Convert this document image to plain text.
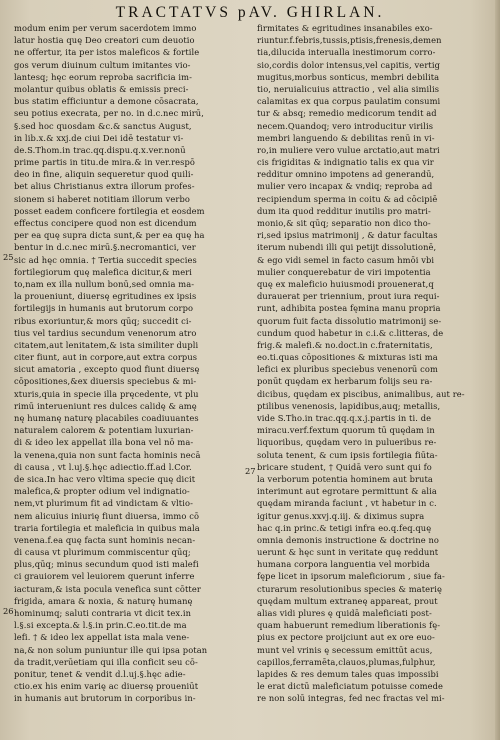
TRACTATVS pAV. GHIRLAN.
modum enim per verum sacerdotem immo
latur hostia quę Deo creatori cum deuotio
ne offertur, ita per istos maleficos & fortile
gos verum diuinum cultum imitantes vio-
lantesq; hęc eorum reproba sacrificia im-
molantur quibus oblatis & emissis preci-
bus statim efficiuntur a demone cōsacrata,
seu potius execrata, per no. in d.c.nec mirū,
§.sed hoc quosdam &c.& sanctus August,
in lib.x.& xxj.de ciui Dei idē testatur vi-
de.S.Thom.in trac.qq.dispu.q.x.ver.nonū
prime partis in titu.de mira.& in ver.respō
deo in fine, aliquin sequeretur quod quili-
bet alius Christianus extra illorum profes-
sionem si haberet notitiam illorum verbo
posset eadem conficere fortilegia et eosdem
effectus concipere quod non est dicendum
per ea quę supra dicta sunt,& per ea quę ha
bentur in d.c.nec mirū.§.necromantici, ver
sic ad hęc omnia. † Tertia succedit species
fortilegiorum quę malefica dicitur,& meri
to,nam ex illa nullum bonū,sed omnia ma-
la proueniunt, diuersę egritudines ex ipsis
fortilegijs in humanis aut brutorum corpo
ribus exoriuntur,& mors qūq; succedit ci-
tius vel tardius secundum venenorum atro
citatem,aut lenitatem,& ista similiter dupli
citer fiunt, aut in corpore,aut extra corpus
sicut amatoria , excepto quod fiunt diuersę
cōpositiones,&ex diuersis speciebus & mi-
xturis,quia in specie illa pręcedente, vt plu
rimū interueniunt res dulces calidę & amę
nę humanę naturę placabiles coadiuuantes
naturalem calorem & potentiam luxurian-
di & ideo lex appellat illa bona vel nō ma-
la venena,quia non sunt facta hominis necā
di causa , vt l.uj.§.hęc adiectio.ff.ad l.Cor.
de sica.In hac vero vltima specie quę dicit
malefica,& propter odium vel indignatio-
nem,vt plurimum fit ad vindictam & vltio-
nem alicuius iniurię fiunt diuersa, immo cō
traria fortilegia et maleficia in quibus mala
venena.f.ea quę facta sunt hominis necan-
di causa vt plurimum commiscentur qūq;
plus,qūq; minus secundum quod isti malefi
ci grauiorem vel leuiorem querunt inferre
iacturam,& ista pocula venefica sunt cōtter
frigida, amara & noxia, & naturę humanę
hominumq; saluti contraria vt dicit tex.in
l.§.si excepta.& l.§.in prin.C.eo.tit.de ma
lefi. † & ideo lex appellat ista mala vene-
na,& non solum puniuntur ille qui ipsa potan
da tradit,verūetiam qui illa conficit seu cō-
ponitur, tenet & vendit d.l.uj.§.hęc adie-
ctio.ex his enim varię ac diuersę proueniūt
in humanis aut brutorum in corporibus in-
firmitates & egritudines insanabiles exo-
riuntur.f.febris,tussis,ptisis,frenesis,demen
tia,dilucida interualla inestimorum corro-
sio,cordis dolor intensus,vel capitis, vertig
mugitus,morbus sonticus, membri debilita
tio, neruialicuius attractio , vel alia similis
calamitas ex qua corpus paulatim consumi
tur & absq; remedio medicorum tendit ad
necem.Quandoq; vero introducitur virilis
membri languendo & debilitas renū in vi-
ro,in muliere vero vulue arctatio,aut matri
cis frigiditas & indignatio talis ex qua vir
redditur omnino impotens ad generandū,
mulier vero incapax & vndiq; reproba ad
recipiendum sperma in coitu & ad cōcipiē
dum ita quod redditur inutilis pro matri-
monio,& sit qūq; separatio non dico tho-
ri,sed ipsius matrimonij , & datur facultas
iterum nubendi illi qui petijt dissolutionē,
& ego vidi semel in facto casum hmōi vbi
mulier conquerebatur de viri impotentia
quę ex maleficio huiusmodi prouenerat,q
durauerat per triennium, prout iura requi-
runt, adhibita postea fęmina manu propria
quorum fuit facta dissolutio matrimonij se-
cundum quod habetur in c.i.& c.litteras, de
frig.& malefi.& no.doct.in c.fraternitatis,
eo.ti.quas cōpositiones & mixturas isti ma
lefici ex pluribus speciebus venenorū com
ponūt quędam ex herbarum folijs seu ra-
dicibus, quędam ex piscibus, animalibus, aut re-
ptilibus venenosis, lapidibus,auq; metallis,
vide S.Tho.in trac.qq.q.x.j.partis in ti. de
miracu.verf.fextum quorum tū quędam in
liquoribus, quędam vero in pulueribus re-
soluta tenent, & cum ipsis fortilegia fiūta-
bricare student, † Quidā vero sunt qui fo
la verborum potentia hominem aut bruta
interimunt aut egrotare permittunt & alia
quędam miranda faciunt , vt habetur in c.
igitur genus.xxvj.q.iij. & diximus supra
hac q.in princ.& tetigi infra eo.q.feq.quę
omnia demonis instructione & doctrine no
uerunt & hęc sunt in veritate quę reddunt
humana corpora languentia vel morbida
fępe licet in ipsorum maleficiorum , siue fa-
cturarum resolutionibus species & materię
quędam multum extraneę appareat, prout
alias vidi plures ę quidā maleficiati post-
quam habuerunt remedium liberationis fę-
pius ex pectore proijciunt aut ex ore euo-
munt vel vrinis ę secessum emittūt acus,
capillos,ferramēta,clauos,plumas,fulphur,
lapides & res demum tales quas impossibi
le erat dictū maleficiatum potuisse comede
re non solū integras, fed nec fractas vel mi-
25
26
27
